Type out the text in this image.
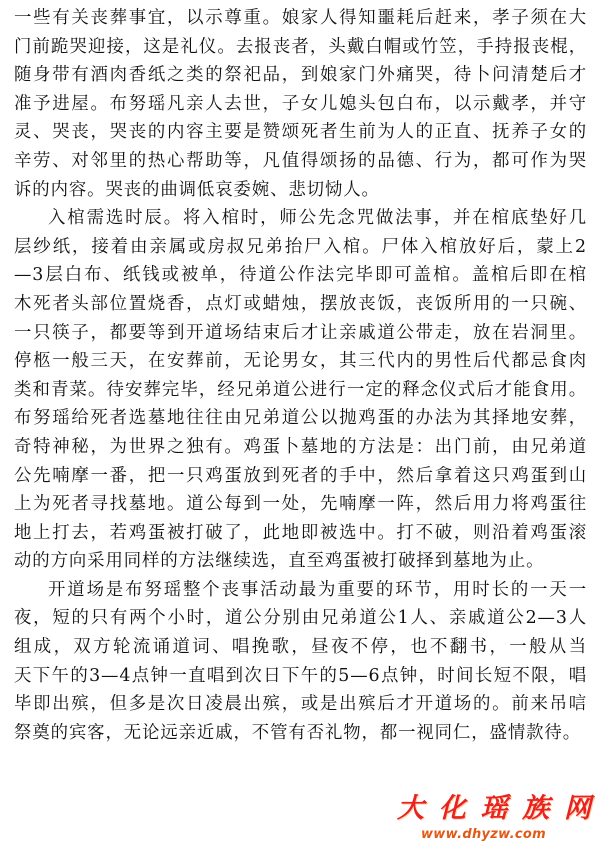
一些有关丧葬事宜，以示尊重。娘家人得知噩耗后赶来，孝子须在大
门前跪哭迎接，这是礼仪。去报丧者，头戴白帽或竹笠，手持报丧棍，
随身带有酒肉香纸之类的祭祀品，到娘家门外痛哭，待卜问清楚后才
准予进屋。布努瑶凡亲人去世，子女儿媳头包白布，以示戴孝，并守
灵、哭丧，哭丧的内容主要是赞颂死者生前为人的正直、抚养子女的
辛劳、对邻里的热心帮助等，凡值得颂扬的品德、行为，都可作为哭
诉的内容。哭丧的曲调低哀委婉、悲切恸人。
入棺需选时辰。将入棺时，师公先念咒做法事，并在棺底垫好几
层纱纸，接着由亲属或房叔兄弟抬尸入棺。尸体入棺放好后，蒙上2
—3层白布、纸钱或被单，待道公作法完毕即可盖棺。盖棺后即在棺
木死者头部位置烧香，点灯或蜡烛，摆放丧饭，丧饭所用的一只碗、
一只筷子，都要等到开道场结束后才让亲戚道公带走，放在岩洞里。
停柩一般三天，在安葬前，无论男女，其三代内的男性后代都忌食肉
类和青菜。待安葬完毕，经兄弟道公进行一定的释念仪式后才能食用。
布努瑶给死者选墓地往往由兄弟道公以抛鸡蛋的办法为其择地安葬，
奇特神秘，为世界之独有。鸡蛋卜墓地的方法是：出门前，由兄弟道
公先喃摩一番，把一只鸡蛋放到死者的手中，然后拿着这只鸡蛋到山
上为死者寻找墓地。道公每到一处，先喃摩一阵，然后用力将鸡蛋往
地上打去，若鸡蛋被打破了，此地即被选中。打不破，则沿着鸡蛋滚
动的方向采用同样的方法继续选，直至鸡蛋被打破择到墓地为止。
开道场是布努瑶整个丧事活动最为重要的环节，用时长的一天一
夜，短的只有两个小时，道公分别由兄弟道公1人、亲戚道公2—3人
组成，双方轮流诵道词、唱挽歌，昼夜不停，也不翻书，一般从当
天下午的3—4点钟一直唱到次日下午的5—6点钟，时间长短不限，唱
毕即出殡，但多是次日凌晨出殡，或是出殡后才开道场的。前来吊唁
祭奠的宾客，无论远亲近戚，不管有否礼物，都一视同仁，盛情款待。
大 化 瑶 族 网
www.dhyzw.com
